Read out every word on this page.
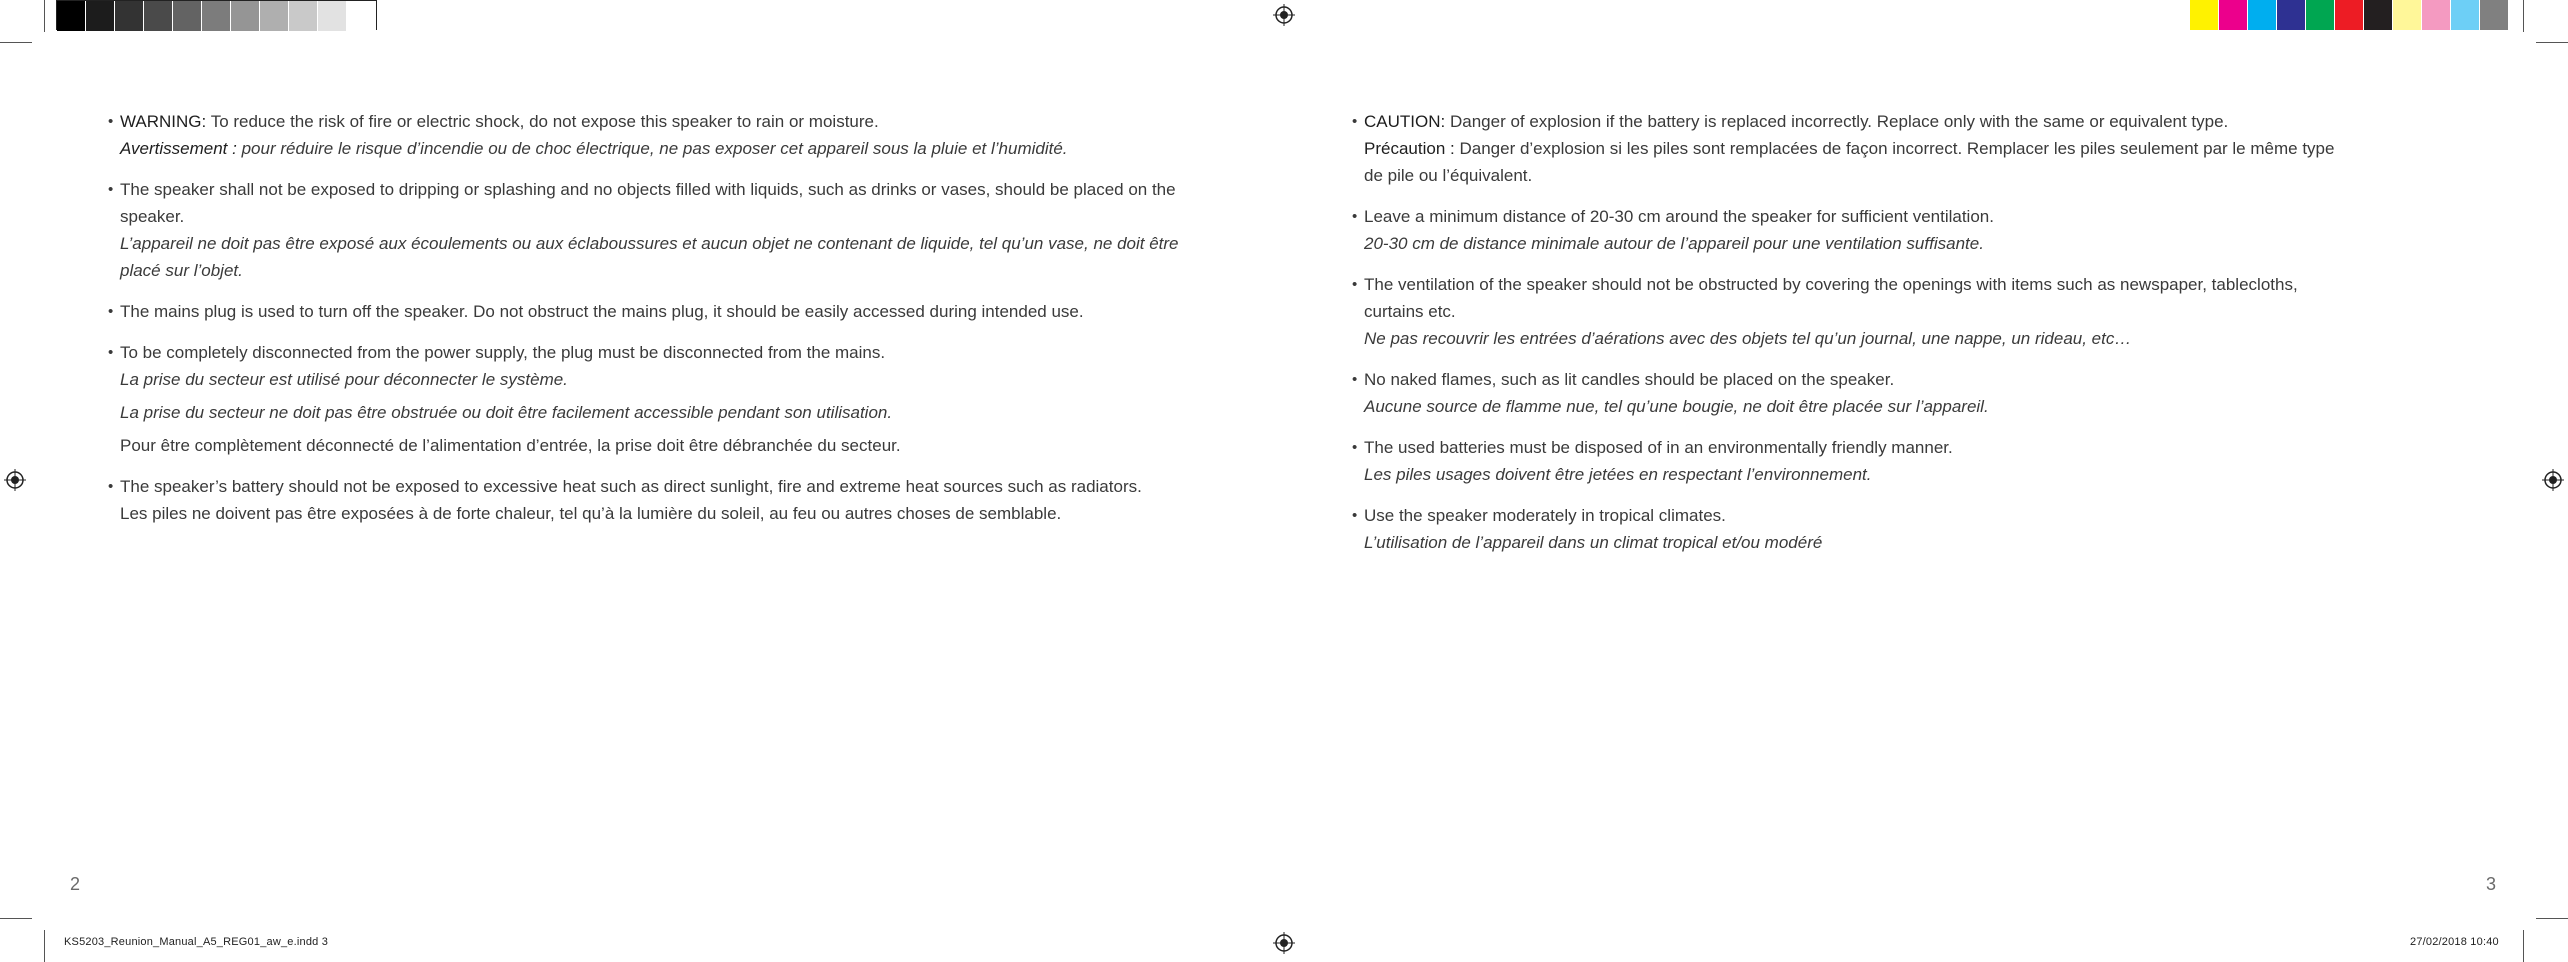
• WARNING: To reduce the risk of fire or electric shock, do not expose this speaker to rain or moisture.
Avertissement : pour réduire le risque d’incendie ou de choc électrique, ne pas exposer cet appareil sous la pluie et l’humidité.
• The speaker shall not be exposed to dripping or splashing and no objects filled with liquids, such as drinks or vases, should be placed on the speaker.
L’appareil ne doit pas être exposé aux écoulements ou aux éclaboussures et aucun objet ne contenant de liquide, tel qu’un vase, ne doit être placé sur l’objet.
• The mains plug is used to turn off the speaker. Do not obstruct the mains plug, it should be easily accessed during intended use.
• To be completely disconnected from the power supply, the plug must be disconnected from the mains.
La prise du secteur est utilisé pour déconnecter le système.
La prise du secteur ne doit pas être obstruée ou doit être facilement accessible pendant son utilisation.
Pour être complètement déconnecté de l’alimentation d’entrée, la prise doit être débranchée du secteur.
• The speaker’s battery should not be exposed to excessive heat such as direct sunlight, fire and extreme heat sources such as radiators.
Les piles ne doivent pas être exposées à de forte chaleur, tel qu’à la lumière du soleil, au feu ou autres choses de semblable.
2
• CAUTION: Danger of explosion if the battery is replaced incorrectly. Replace only with the same or equivalent type.
Précaution : Danger d’explosion si les piles sont remplacées de façon incorrect. Remplacer les piles seulement par le même type de pile ou l’équivalent.
• Leave a minimum distance of 20-30 cm around the speaker for sufficient ventilation.
20-30 cm de distance minimale autour de l’appareil pour une ventilation suffisante.
• The ventilation of the speaker should not be obstructed by covering the openings with items such as newspaper, tablecloths, curtains etc.
Ne pas recouvrir les entrées d’aérations avec des objets tel qu’un journal, une nappe, un rideau, etc…
• No naked flames, such as lit candles should be placed on the speaker.
Aucune source de flamme nue, tel qu’une bougie, ne doit être placée sur l’appareil.
• The used batteries must be disposed of in an environmentally friendly manner.
Les piles usages doivent être jetées en respectant l’environnement.
• Use the speaker moderately in tropical climates.
L’utilisation de l’appareil dans un climat tropical et/ou modéré
3
KS5203_Reunion_Manual_A5_REG01_aw_e.indd 3	27/02/2018 10:40
